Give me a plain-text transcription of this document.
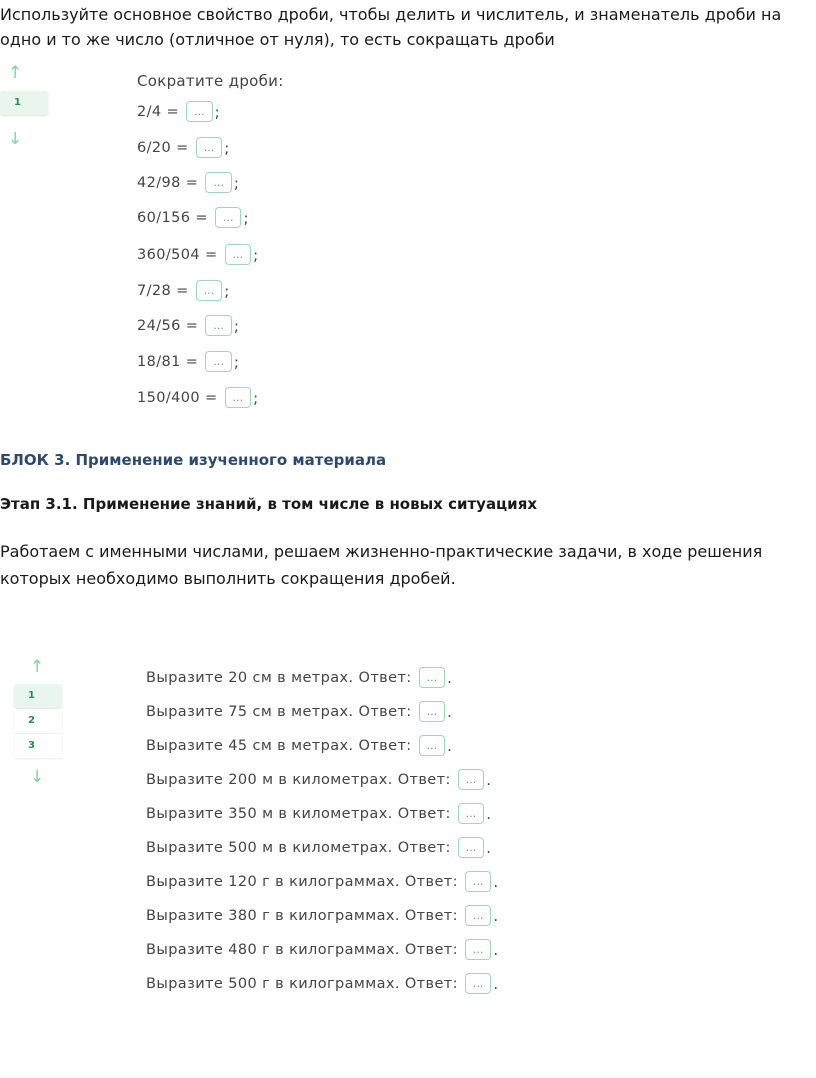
Используйте основное свойство дроби, чтобы делить и числитель, и знаменатель дроби на одно и то же число (отличное от нуля), то есть сокращать дроби
↑
1
↓
Сократите дроби:
2/4 =	... ;
6/20 =	... ;
42/98 =	... ;
60/156 =	... ;
360/504 =	... ;
7/28 =	... ;
24/56 =	... ;
18/81 =	... ;
150/400 =	... ;
БЛОК 3. Применение изученного материала
Этап 3.1. Применение знаний, в том числе в новых ситуациях
Работаем с именными числами, решаем жизненно-практические задачи, в ходе решения которых необходимо выполнить сокращения дробей.
↑
1
2
3
↓
Выразите 20 см в метрах. Ответ:	... .
Выразите 75 см в метрах. Ответ:	... .
Выразите 45 см в метрах. Ответ:	... .
Выразите 200 м в километрах. Ответ:	... .
Выразите 350 м в километрах. Ответ:	... .
Выразите 500 м в километрах. Ответ:	... .
Выразите 120 г в килограммах. Ответ:	... .
Выразите 380 г в килограммах. Ответ:	... .
Выразите 480 г в килограммах. Ответ:	... .
Выразите 500 г в килограммах. Ответ:	... .
